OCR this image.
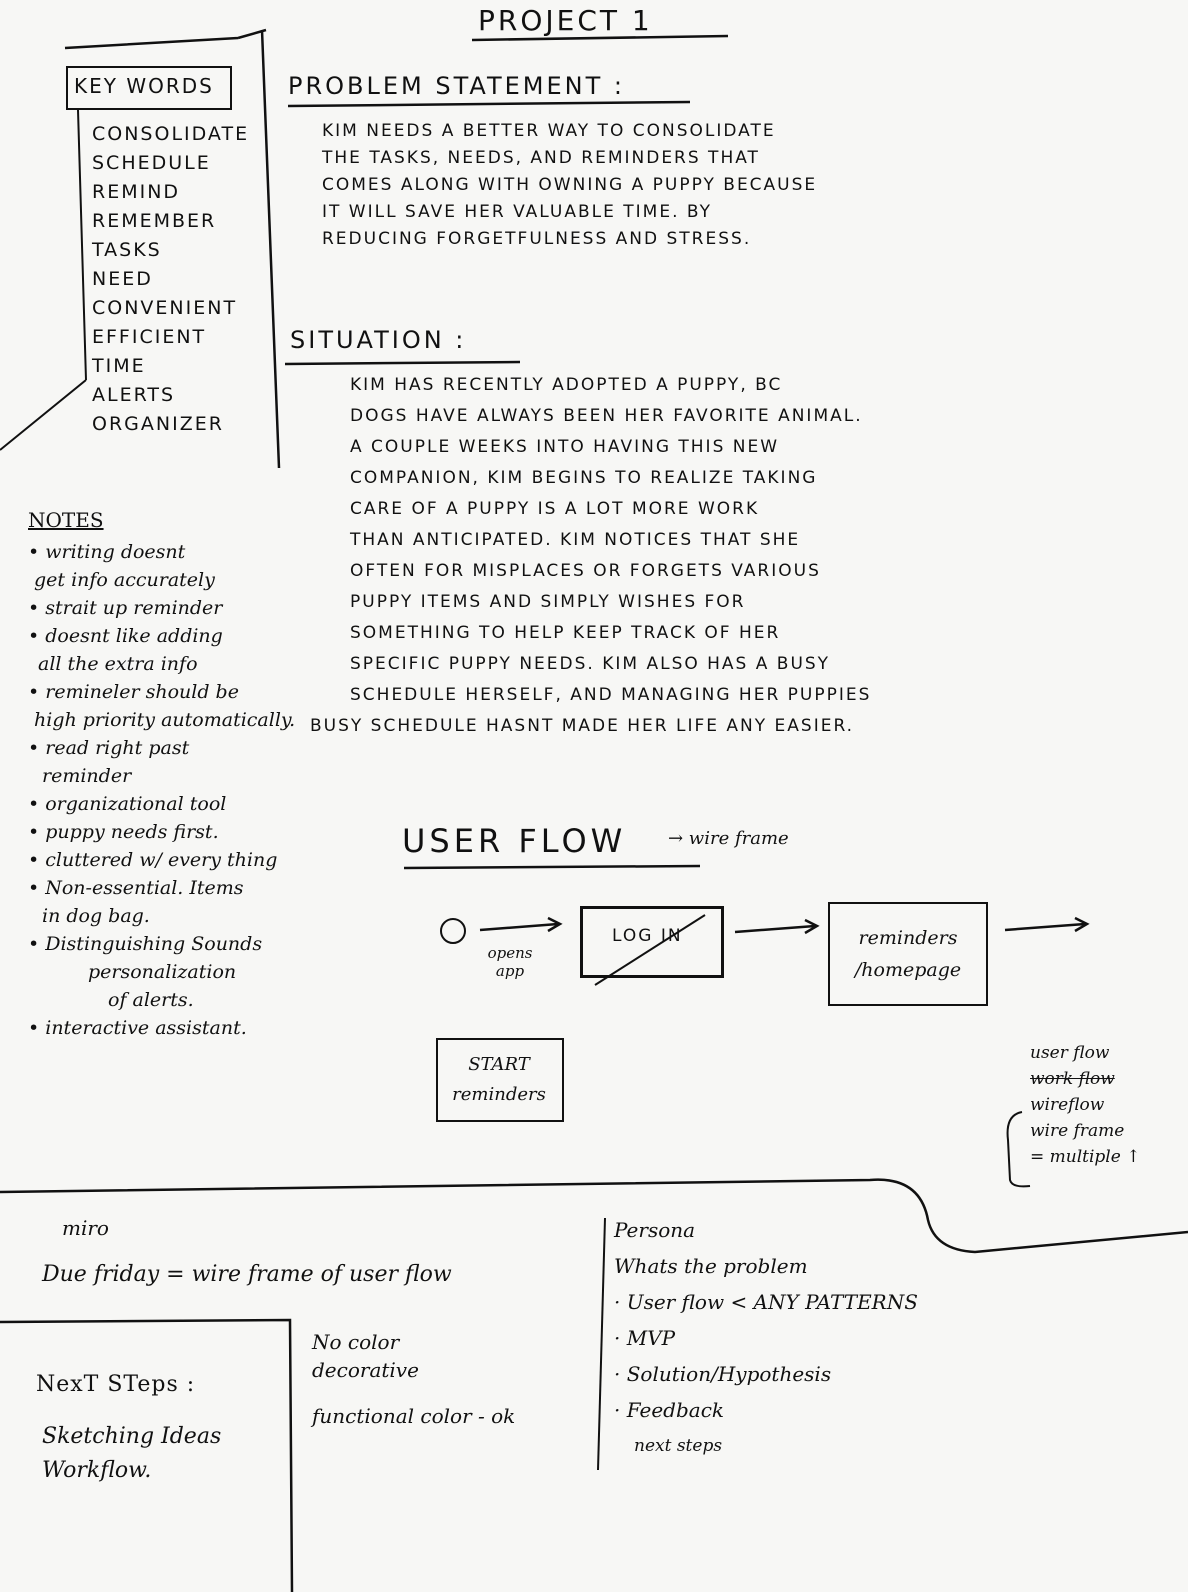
PROJECT 1
KEY WORDS
CONSOLIDATE
SCHEDULE
REMIND
REMEMBER
TASKS
NEED
CONVENIENT
EFFICIENT
TIME
ALERTS
ORGANIZER
PROBLEM STATEMENT :
KIM NEEDS A BETTER WAY TO CONSOLIDATE
THE TASKS, NEEDS, AND REMINDERS THAT
COMES ALONG WITH OWNING A PUPPY BECAUSE
IT WILL SAVE HER VALUABLE TIME. BY
REDUCING FORGETFULNESS AND STRESS.
SITUATION :
KIM HAS RECENTLY ADOPTED A PUPPY, BC
DOGS HAVE ALWAYS BEEN HER FAVORITE ANIMAL.
A COUPLE WEEKS INTO HAVING THIS NEW
COMPANION, KIM BEGINS TO REALIZE TAKING
CARE OF A PUPPY IS A LOT MORE WORK
THAN ANTICIPATED. KIM NOTICES THAT SHE
OFTEN FOR MISPLACES OR FORGETS VARIOUS
PUPPY ITEMS AND SIMPLY WISHES FOR
SOMETHING TO HELP KEEP TRACK OF HER
SPECIFIC PUPPY NEEDS. KIM ALSO HAS A BUSY
SCHEDULE HERSELF, AND MANAGING HER PUPPIES
BUSY SCHEDULE HASNT MADE HER LIFE ANY EASIER.
NOTES
• writing doesnt
get info accurately
• strait up reminder
• doesnt like adding
all the extra info
• remineler should be
high priority automatically.
• read right past
reminder
• organizational tool
• puppy needs first.
• cluttered w/ every thing
• Non-essential. Items
in dog bag.
• Distinguishing Sounds
personalization
of alerts.
• interactive assistant.
USER FLOW → wire frame
opens app
LOG IN	reminders /homepage
START reminders
user flow
work flow
wireflow
wire frame
= multiple ↑
miro
Due friday = wire frame of user flow
No color decorative
functional color - ok
NexT STeps :
Sketching Ideas
Workflow.
Persona
Whats the problem
· User flow < ANY PATTERNS
· MVP
· Solution/Hypothesis
· Feedback
next steps
